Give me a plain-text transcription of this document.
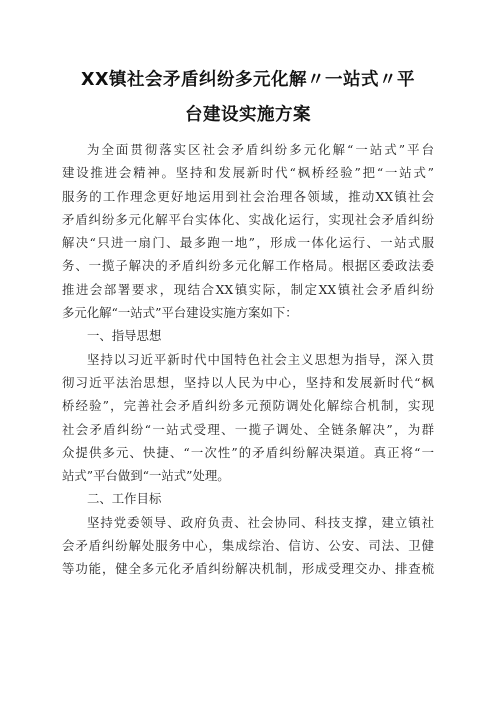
XX镇社会矛盾纠纷多元化解〃一站式〃平
台建设实施方案
为全面贯彻落实区社会矛盾纠纷多元化解“一站式”平台
建设推进会精神。坚持和发展新时代“枫桥经验”把“一站式”
服务的工作理念更好地运用到社会治理各领域，推动XX镇社会
矛盾纠纷多元化解平台实体化、实战化运行，实现社会矛盾纠纷
解决“只进一扇门、最多跑一地”，形成一体化运行、一站式服
务、一揽子解决的矛盾纠纷多元化解工作格局。根据区委政法委
推进会部署要求，现结合XX镇实际，制定XX镇社会矛盾纠纷
多元化解“一站式”平台建设实施方案如下：
一、指导思想
坚持以习近平新时代中国特色社会主义思想为指导，深入贯
彻习近平法治思想，坚持以人民为中心，坚持和发展新时代“枫
桥经验”，完善社会矛盾纠纷多元预防调处化解综合机制，实现
社会矛盾纠纷“一站式受理、一揽子调处、全链条解决”，为群
众提供多元、快捷、“一次性”的矛盾纠纷解决渠道。真正将“一
站式”平台做到“一站式”处理。
二、工作目标
坚持党委领导、政府负责、社会协同、科技支撑，建立镇社
会矛盾纠纷解处服务中心，集成综治、信访、公安、司法、卫健
等功能，健全多元化矛盾纠纷解决机制，形成受理交办、排查梳
